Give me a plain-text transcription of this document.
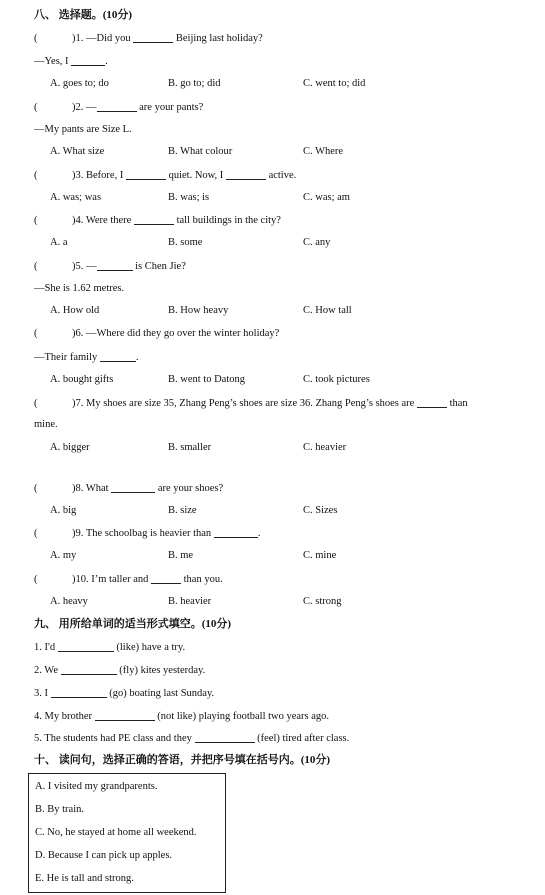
八、 选择题。(10分)
(	)1. —Did you	Beijing last holiday?
—Yes, I	.
A. goes to; do	B. go to; did	C. went to; did
(	)2. —	are your pants?
—My pants are Size L.
A. What size	B. What colour	C. Where
(	)3. Before, I	quiet. Now, I	active.
A. was; was	B. was; is	C. was; am
(	)4. Were there	tall buildings in the city?
A. a	B. some	C. any
(	)5. —	is Chen Jie?
—She is 1.62 metres.
A. How old	B. How heavy	C. How tall
(	)6. —Where did they go over the winter holiday?
—Their family	.
A. bought gifts	B. went to Datong	C. took pictures
(	)7. My shoes are size 35, Zhang Peng’s shoes are size 36. Zhang Peng’s shoes are	than
mine.
A. bigger	B. smaller	C. heavier
(	)8. What	are your shoes?
A. big	B. size	C. Sizes
(	)9. The schoolbag is heavier than	.
A. my	B. me	C. mine
(	)10. I’m taller and	than you.
A. heavy	B. heavier	C. strong
九、 用所给单词的适当形式填空。(10分)
1. I'd	(like) have a try.
2. We	(fly) kites yesterday.
3. I	(go) boating last Sunday.
4. My brother	(not like) playing football two years ago.
5. The students had PE class and they	(feel) tired after class.
十、 读问句，选择正确的答语，并把序号填在括号内。(10分)
A. I visited my grandparents.
B. By train.
C. No, he stayed at home all weekend.
D. Because I can pick up apples.
E. He is tall and strong.
